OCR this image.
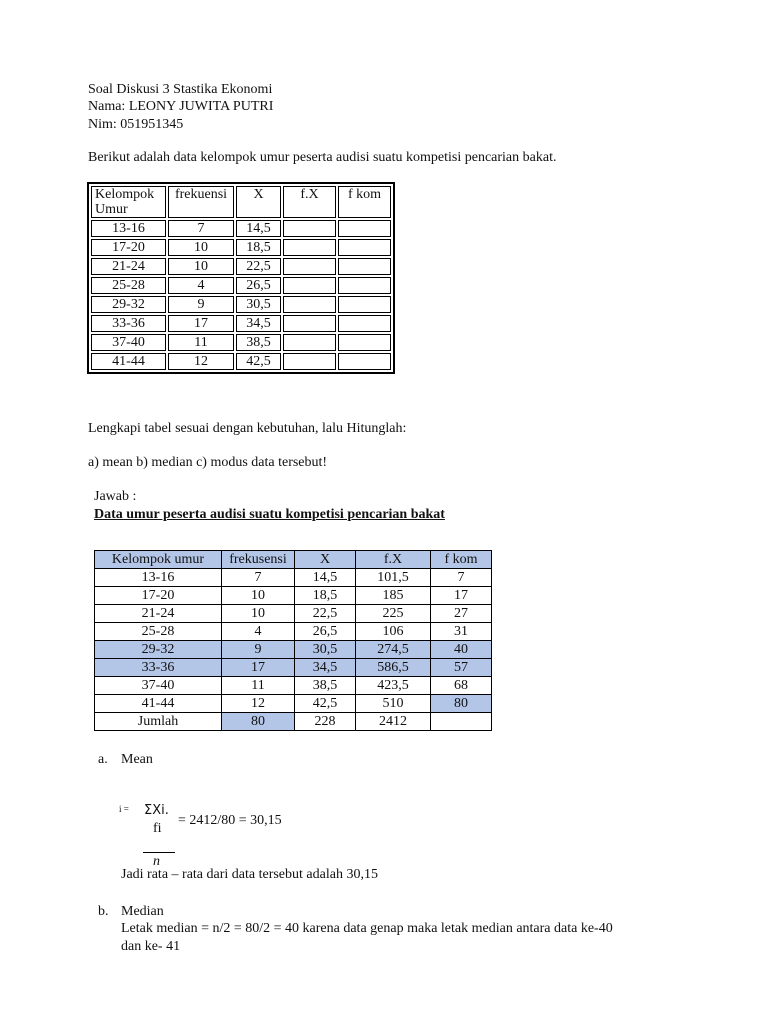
Soal Diskusi 3 Stastika Ekonomi
Nama: LEONY JUWITA PUTRI
Nim: 051951345
Berikut adalah data kelompok umur peserta audisi suatu kompetisi pencarian bakat.
Kelompok Umur	frekuensi	X	f.X	f kom
13-16	7	14,5		
17-20	10	18,5		
21-24	10	22,5		
25-28	4	26,5		
29-32	9	30,5		
33-36	17	34,5		
37-40	11	38,5		
41-44	12	42,5		
Lengkapi tabel sesuai dengan kebutuhan, lalu Hitunglah:
a) mean b) median c) modus data tersebut!
Jawab :
Data umur peserta audisi suatu kompetisi pencarian bakat
Kelompok umur	frekusensi	X	f.X	f kom
13-16	7	14,5	101,5	7
17-20	10	18,5	185	17
21-24	10	22,5	225	27
25-28	4	26,5	106	31
29-32	9	30,5	274,5	40
33-36	17	34,5	586,5	57
37-40	11	38,5	423,5	68
41-44	12	42,5	510	80
Jumlah	80	228	2412	
a. Mean
i = ΣXi.
fi
= 2412/80 = 30,15
n
Jadi rata – rata dari data tersebut adalah 30,15
b. Median
Letak median = n/2 = 80/2 = 40 karena data genap maka letak median antara data ke-40
dan ke- 41
